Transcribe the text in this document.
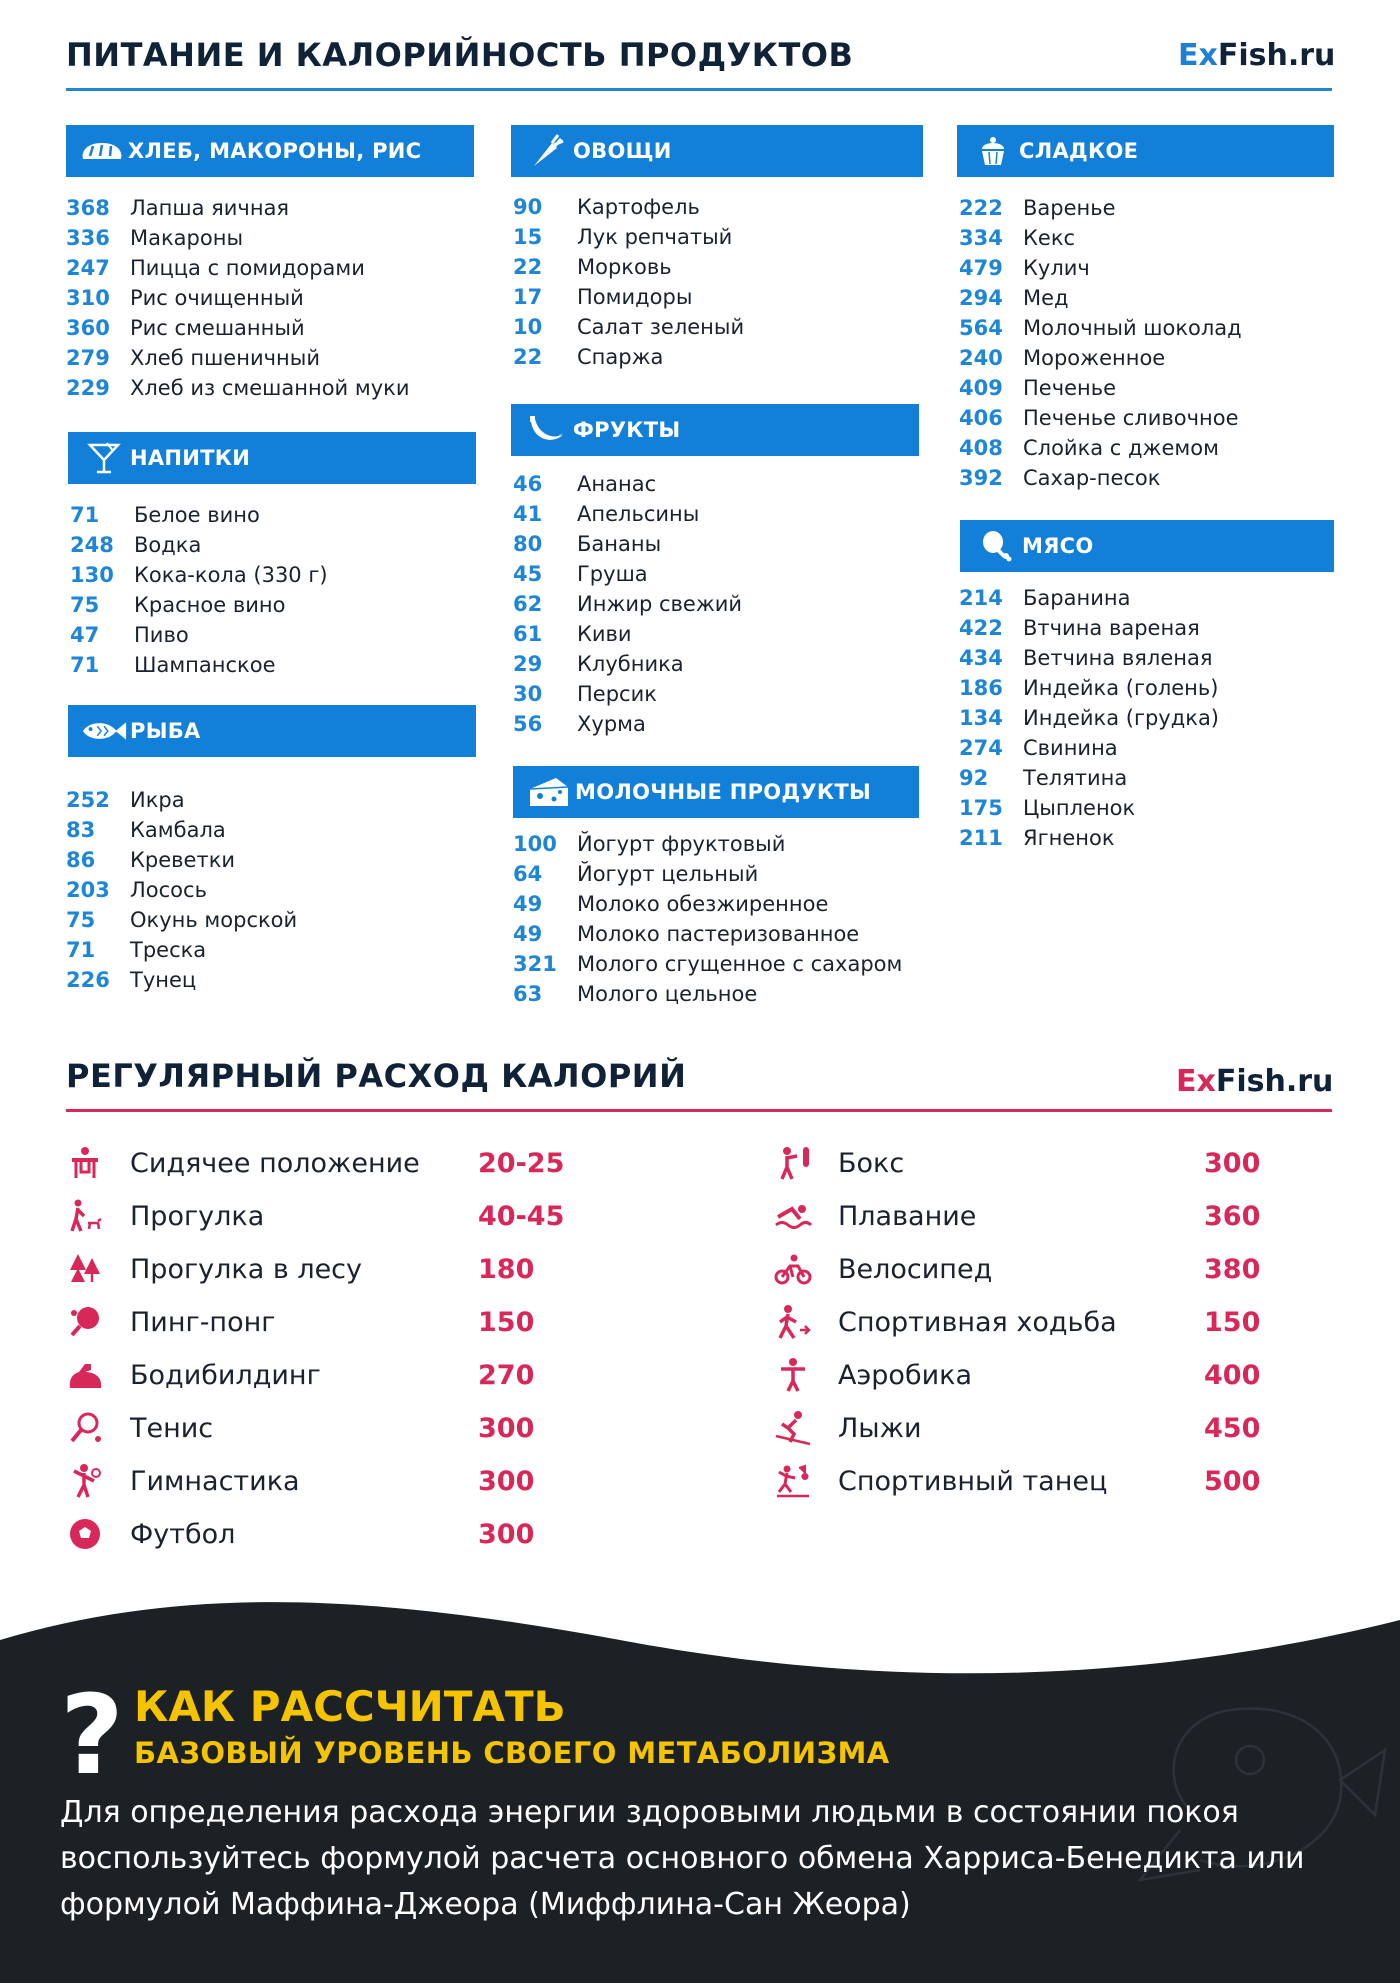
ПИТАНИЕ И КАЛОРИЙНОСТЬ ПРОДУКТОВ	ExFish.ru
ХЛЕБ, МАКОРОНЫ, РИС
368 Лапша яичная
336 Макароны
247 Пицца с помидорами
310 Рис очищенный
360 Рис смешанный
279 Хлеб пшеничный
229 Хлеб из смешанной муки
НАПИТКИ
71	Белое вино
248 Водка
130 Кока-кола (330 г)
75	Красное вино
47	Пиво
71	Шампанское
РЫБА
252 Икра
83	Камбала
86	Креветки
203 Лосось
75	Окунь морской
71	Треска
226 Тунец
ОВОЩИ
90	Картофель
15	Лук репчатый
22	Морковь
17	Помидоры
10	Салат зеленый
22	Спаржа
ФРУКТЫ
46	Ананас
41	Апельсины
80	Бананы
45	Груша
62	Инжир свежий
61	Киви
29	Клубника
30	Персик
56	Хурма
МОЛОЧНЫЕ ПРОДУКТЫ
100 Йогурт фруктовый
64	Йогурт цельный
49	Молоко обезжиренное
49	Молоко пастеризованное
321 Мологo сгущенное с сахаром
63	Мологo цельное
СЛАДКОЕ
222 Варенье
334 Кекс
479 Кулич
294 Мед
564 Молочный шоколад
240 Мороженное
409 Печенье
406 Печенье сливочное
408 Слойка с джемом
392 Сахар-песок
МЯСО
214 Баранина
422 Втчина вареная
434 Ветчина вяленая
186 Индейка (голень)
134 Индейка (грудка)
274 Свинина
92	Телятина
175 Цыпленок
211 Ягненок
РЕГУЛЯРНЫЙ РАСХОД КАЛОРИЙ	ExFish.ru
Сидячее положение 20-25
Прогулка	40-45
Прогулка в лесу	180
Пинг-понг	150
Бодибилдинг	270
Тенис	300
Гимнастика	300
Футбол	300
Бокс	300
Плавание	360
Велосипед	380
Спортивная ходьба	150
Аэробика	400
Лыжи	450
Спортивный танец	500
? КАК РАССЧИТАТЬ
БАЗОВЫЙ УРОВЕНЬ СВОЕГО МЕТАБОЛИЗМА
Для определения расхода энергии здоровыми людьми в состоянии покоя
воспользуйтесь формулой расчета основного обмена Харриса-Бенедикта или
формулой Маффина-Джеора (Миффлина-Сан Жеора)
